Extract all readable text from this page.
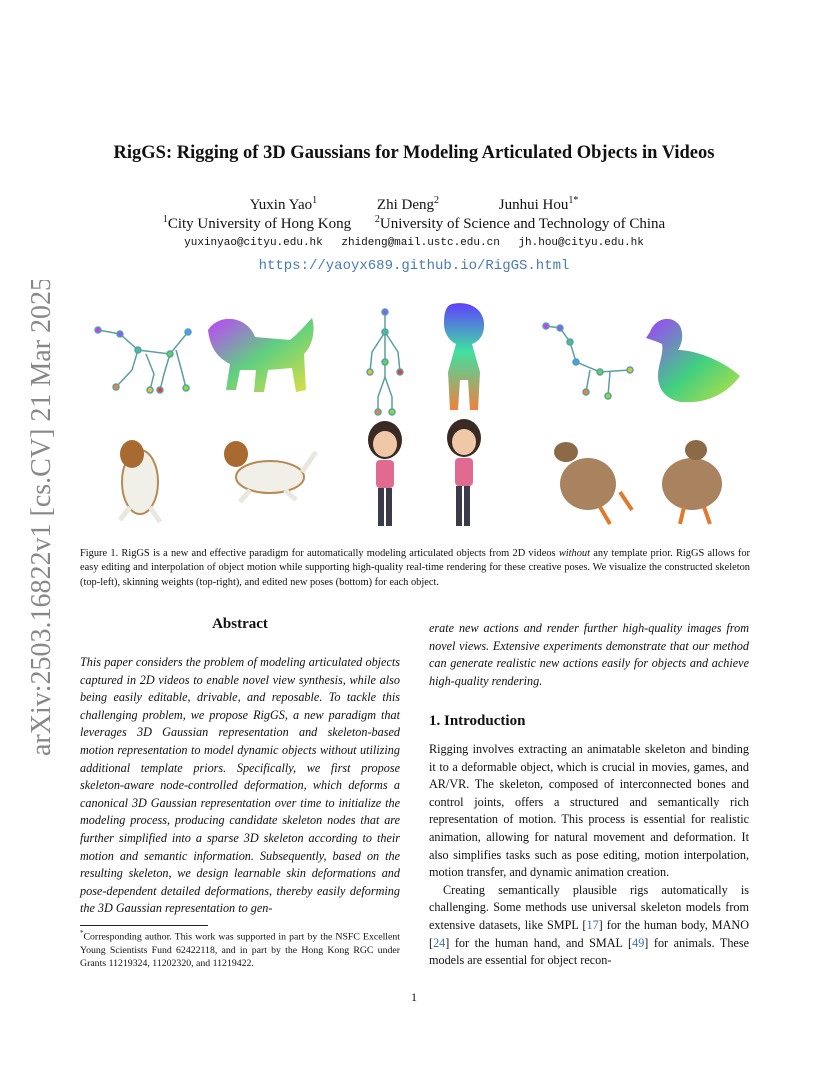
arXiv:2503.16822v1 [cs.CV] 21 Mar 2025
RigGS: Rigging of 3D Gaussians for Modeling Articulated Objects in Videos
Yuxin Yao$^1$	Zhi Deng$^2$	Junhui Hou$^{1*}$
$^1$City University of Hong Kong $^2$University of Science and Technology of China
yuxinyao@cityu.edu.hk zhideng@mail.ustc.edu.cn jh.hou@cityu.edu.hk
https://yaoyx689.github.io/RigGS.html
Figure 1. RigGS is a new and effective paradigm for automatically modeling articulated objects from 2D videos without any template prior. RigGS allows for easy editing and interpolation of object motion while supporting high-quality real-time rendering for these creative poses. We visualize the constructed skeleton (top-left), skinning weights (top-right), and edited new poses (bottom) for each object.
Abstract
This paper considers the problem of modeling articulated objects captured in 2D videos to enable novel view synthesis, while also being easily editable, drivable, and reposable. To tackle this challenging problem, we propose RigGS, a new paradigm that leverages 3D Gaussian representation and skeleton-based motion representation to model dynamic objects without utilizing additional template priors. Specifically, we first propose skeleton-aware node-controlled deformation, which deforms a canonical 3D Gaussian representation over time to initialize the modeling process, producing candidate skeleton nodes that are further simplified into a sparse 3D skeleton according to their motion and semantic information. Subsequently, based on the resulting skeleton, we design learnable skin deformations and pose-dependent detailed deformations, thereby easily deforming the 3D Gaussian representation to gen-
*Corresponding author. This work was supported in part by the NSFC Excellent Young Scientists Fund 62422118, and in part by the Hong Kong RGC under Grants 11219324, 11202320, and 11219422.
erate new actions and render further high-quality images from novel views. Extensive experiments demonstrate that our method can generate realistic new actions easily for objects and achieve high-quality rendering.
1. Introduction

Rigging involves extracting an animatable skeleton and binding it to a deformable object, which is crucial in movies, games, and AR/VR. The skeleton, composed of interconnected bones and control joints, offers a structured and semantically rich representation of motion. This process is essential for realistic animation, allowing for natural movement and deformation. It also simplifies tasks such as pose editing, motion interpolation, motion transfer, and dynamic animation creation.

Creating semantically plausible rigs automatically is challenging. Some methods use universal skeleton models from extensive datasets, like SMPL [17] for the human body, MANO [24] for the human hand, and SMAL [49] for animals. These models are essential for object recon-

1
